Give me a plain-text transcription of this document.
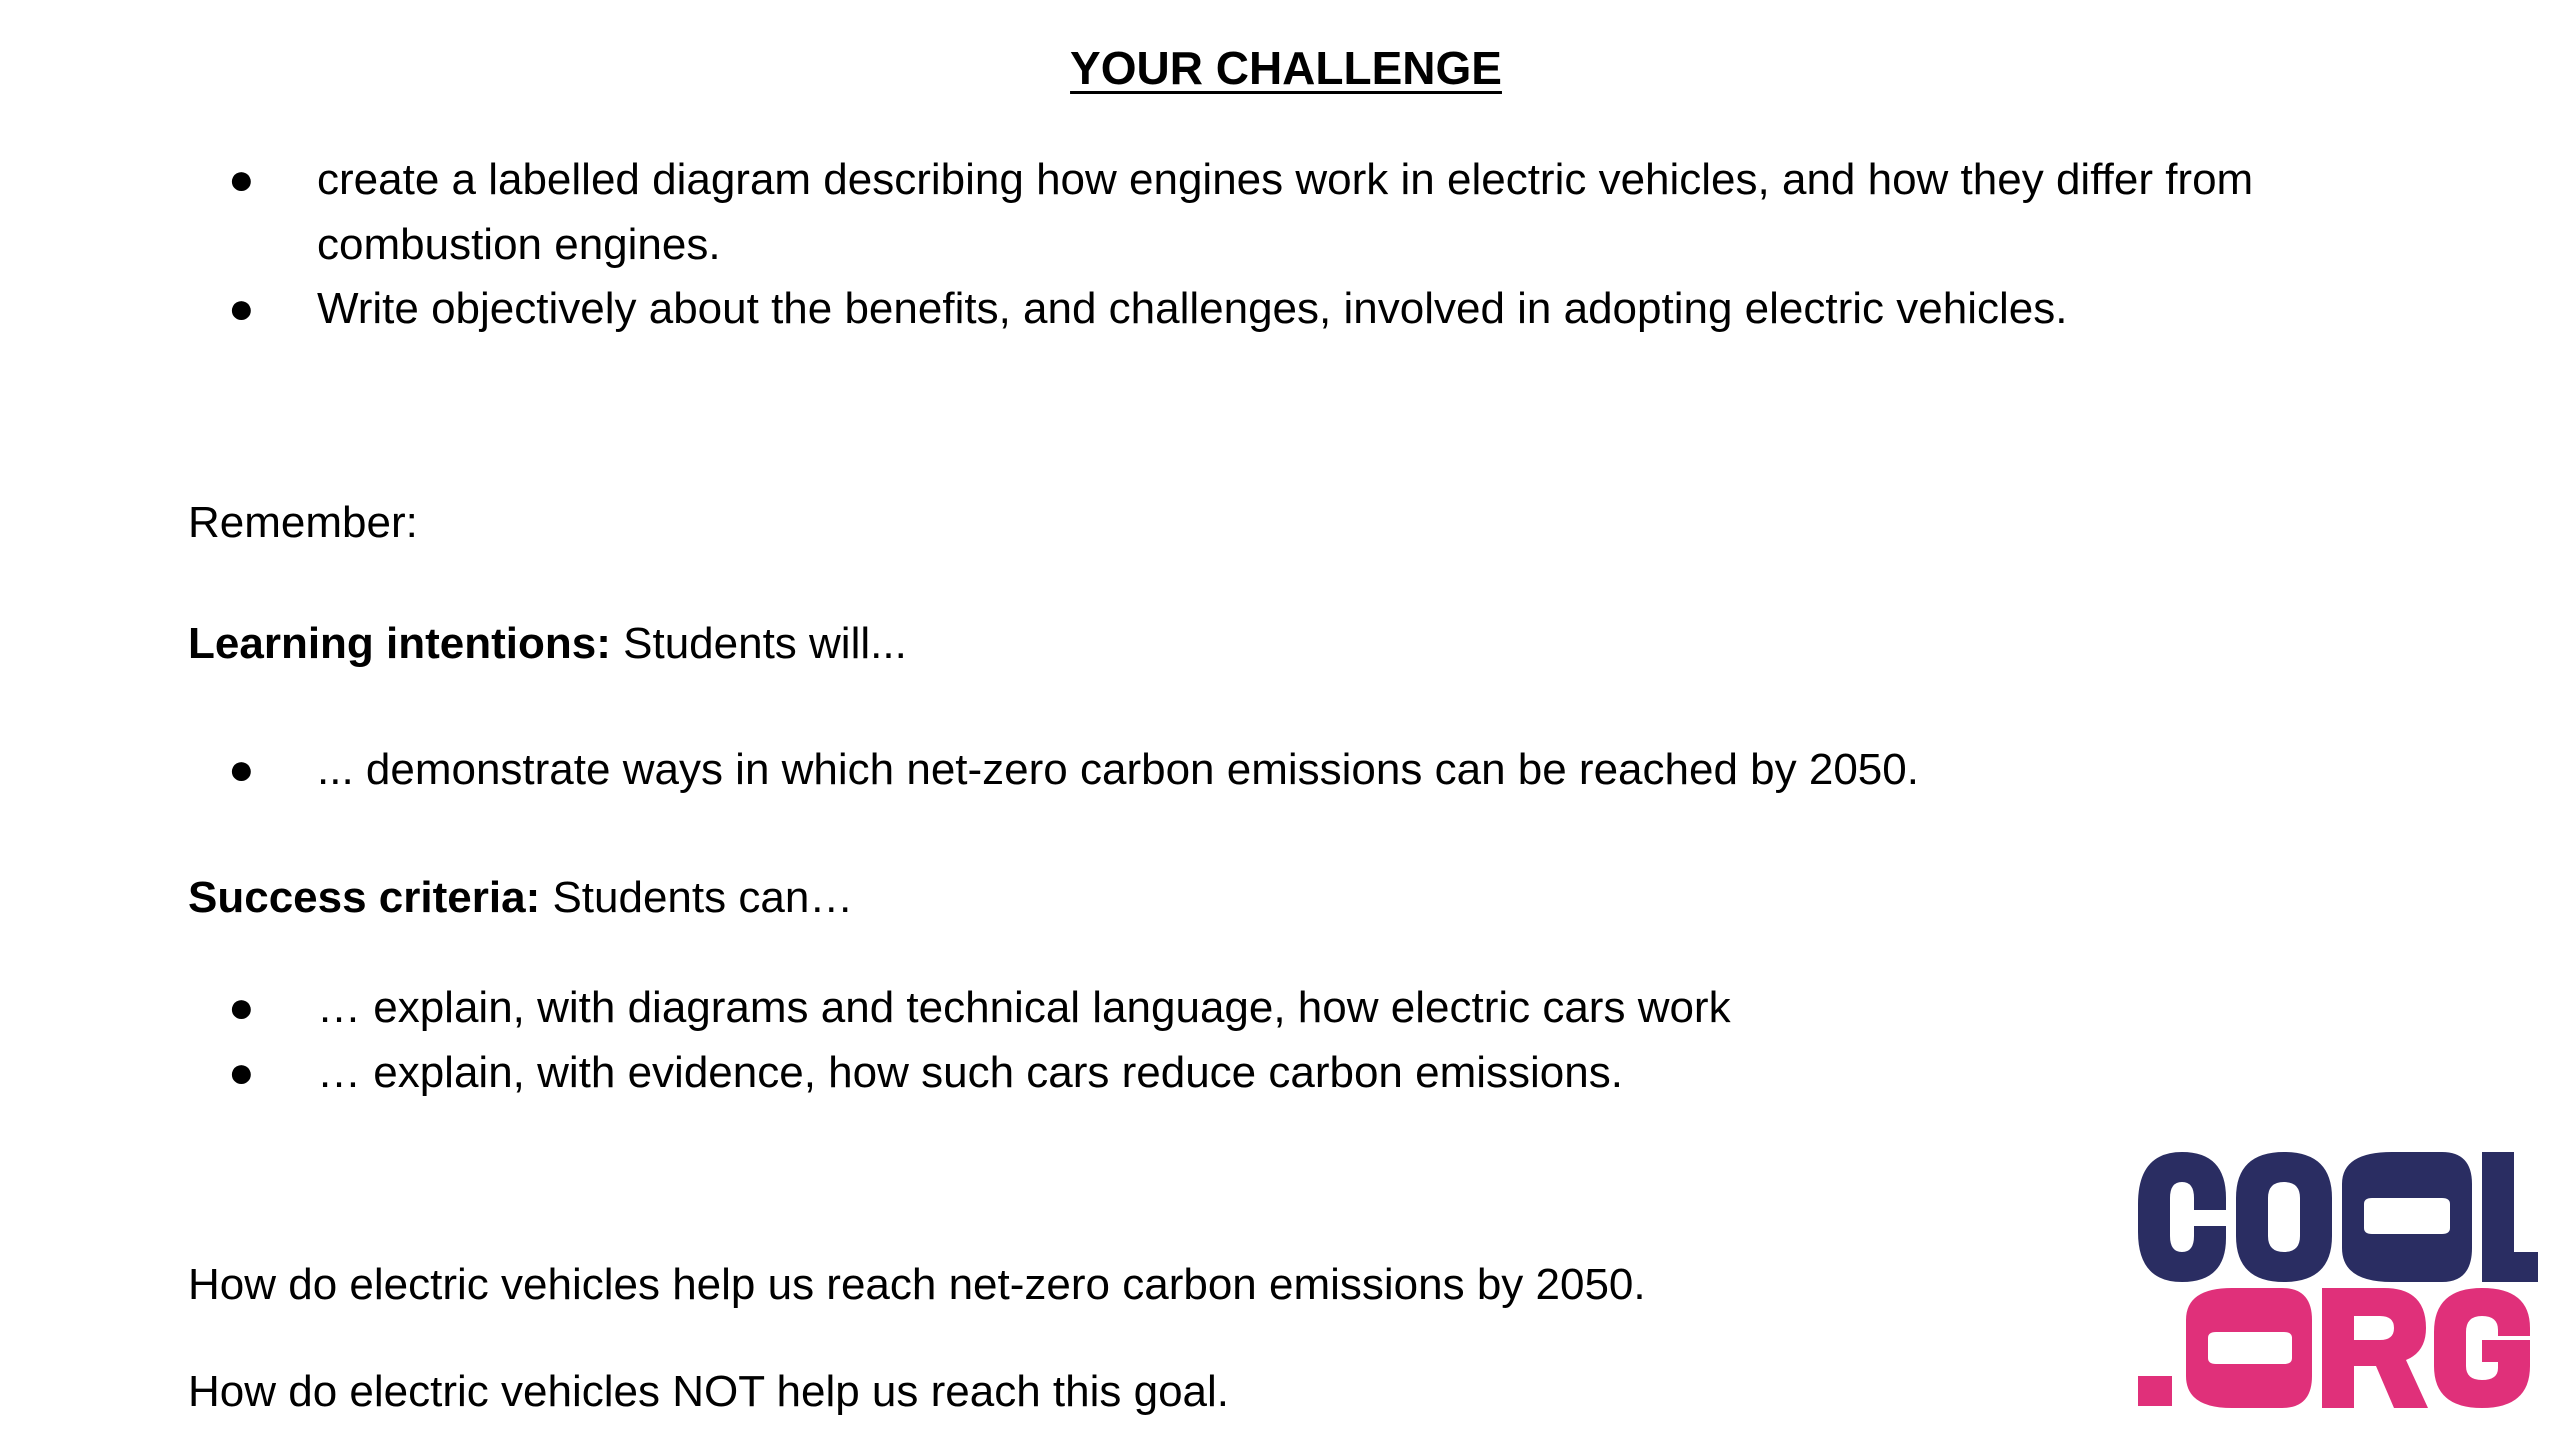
YOUR CHALLENGE
● create a labelled diagram describing how engines work in electric vehicles, and how they differ from combustion engines.
● Write objectively about the benefits, and challenges, involved in adopting electric vehicles.
Remember:
Learning intentions: Students will...
● ... demonstrate ways in which net-zero carbon emissions can be reached by 2050.
Success criteria: Students can…
● … explain, with diagrams and technical language, how electric cars work
● … explain, with evidence, how such cars reduce carbon emissions.
How do electric vehicles help us reach net-zero carbon emissions by 2050.
How do electric vehicles NOT help us reach this goal.
